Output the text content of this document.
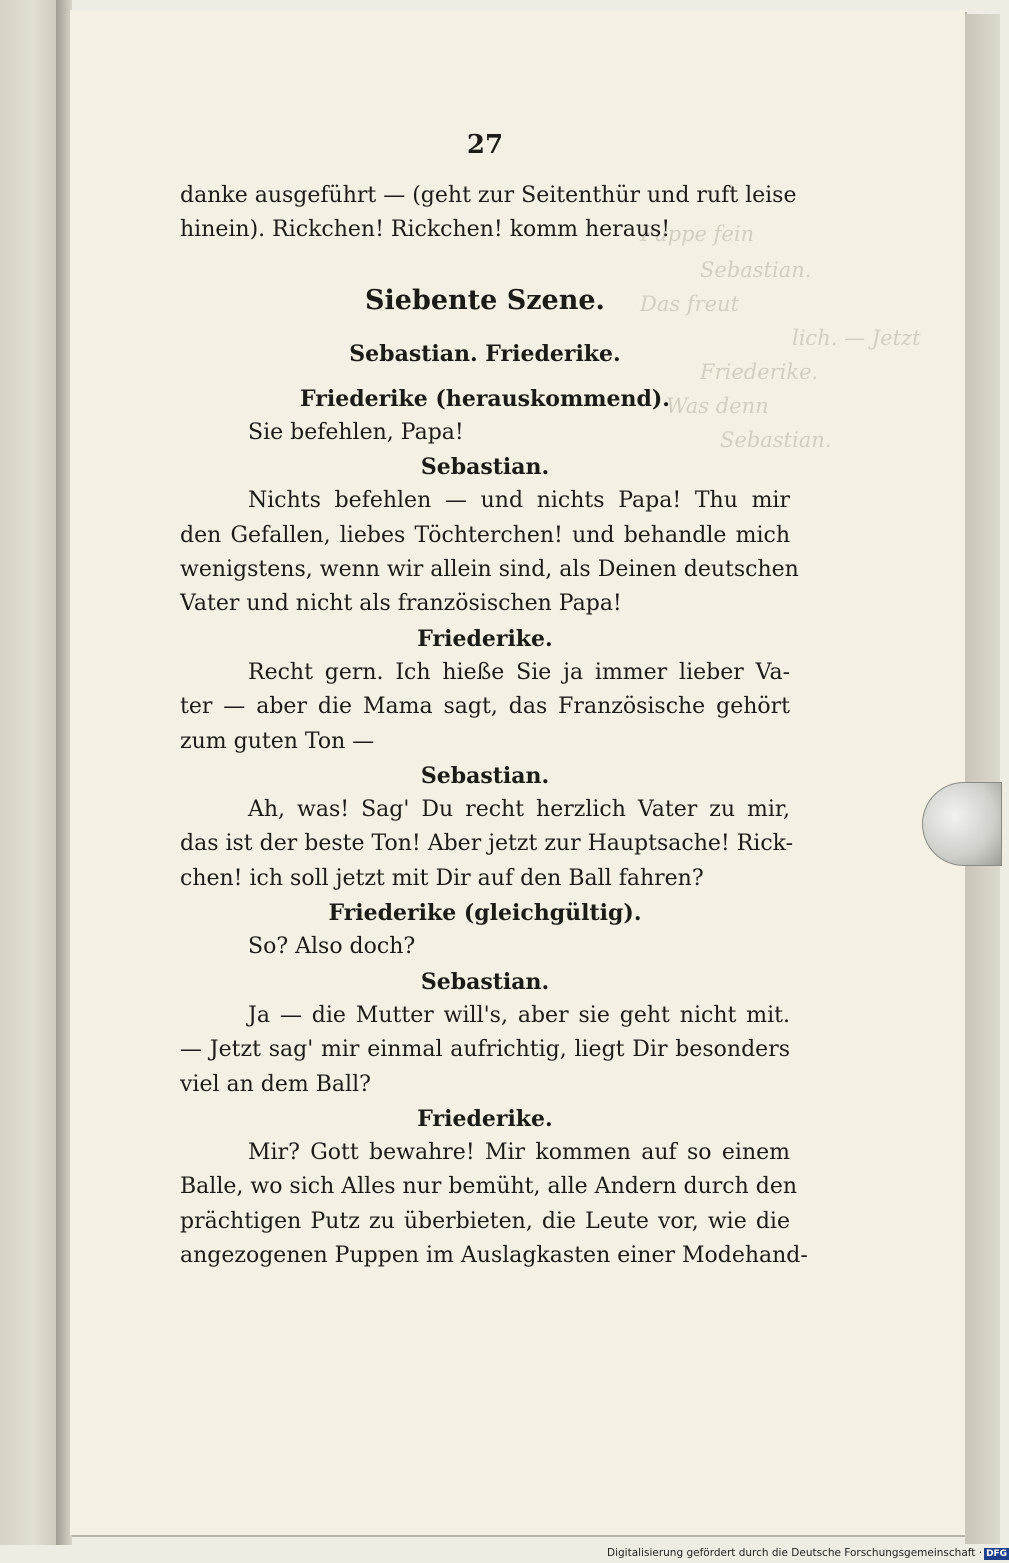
Puppe fein
Sebastian.
Das freut
lich. — Jetzt
Friederike.
Was denn
Sebastian.
27
danke ausgeführt — (geht zur Seitenthür und ruft leise
hinein). Rickchen! Rickchen! komm heraus!
Siebente Szene.
Sebastian. Friederike.
Friederike (herauskommend).
Sie befehlen, Papa!
Sebastian.
Nichts befehlen — und nichts Papa! Thu mir
den Gefallen, liebes Töchterchen! und behandle mich
wenigstens, wenn wir allein sind, als Deinen deutschen
Vater und nicht als französischen Papa!
Friederike.
Recht gern. Ich hieße Sie ja immer lieber Va-
ter — aber die Mama sagt, das Französische gehört
zum guten Ton —
Sebastian.
Ah, was! Sag' Du recht herzlich Vater zu mir,
das ist der beste Ton! Aber jetzt zur Hauptsache! Rick-
chen! ich soll jetzt mit Dir auf den Ball fahren?
Friederike (gleichgültig).
So? Also doch?
Sebastian.
Ja — die Mutter will's, aber sie geht nicht mit.
— Jetzt sag' mir einmal aufrichtig, liegt Dir besonders
viel an dem Ball?
Friederike.
Mir? Gott bewahre! Mir kommen auf so einem
Balle, wo sich Alles nur bemüht, alle Andern durch den
prächtigen Putz zu überbieten, die Leute vor, wie die
angezogenen Puppen im Auslagkasten einer Modehand-
Digitalisierung gefördert durch die Deutsche Forschungsgemeinschaft · DFG
